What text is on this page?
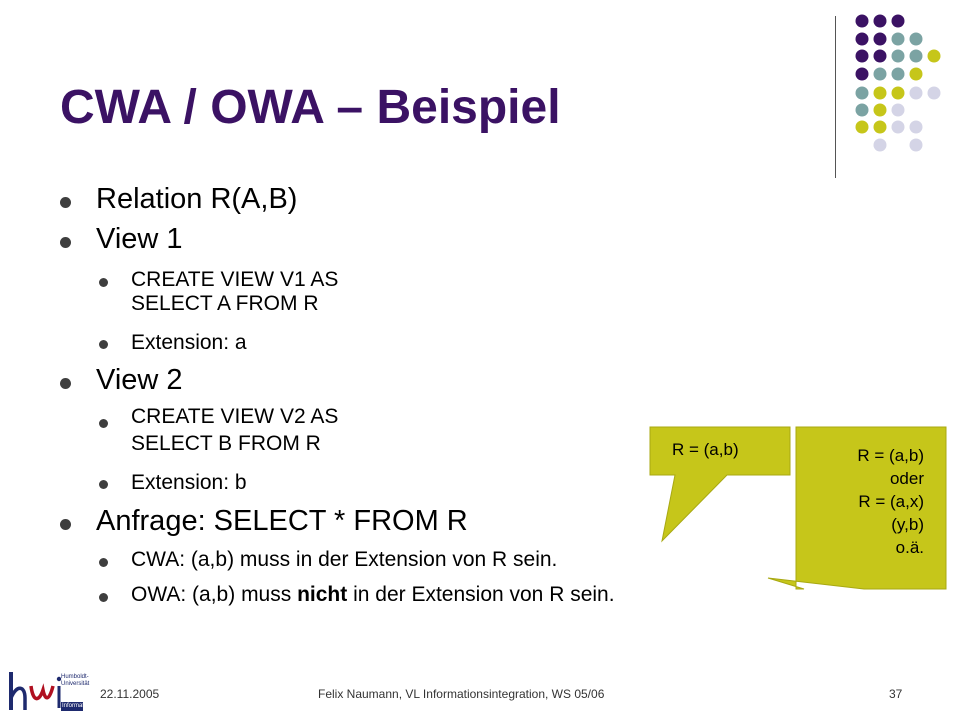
CWA / OWA – Beispiel
Relation R(A,B)
View 1
CREATE VIEW V1 AS
SELECT A FROM R
Extension: a
View 2
CREATE VIEW V2 AS
SELECT B FROM R
Extension: b
Anfrage: SELECT * FROM R
CWA: (a,b) muss in der Extension von R sein.
OWA: (a,b) muss nicht in der Extension von R sein.
R = (a,b)	R = (a,b)
oder
R = (a,x)
(y,b)
o.ä.
Humboldt-
Universität
Informatik
22.11.2005	Felix Naumann, VL Informationsintegration, WS 05/06	37
